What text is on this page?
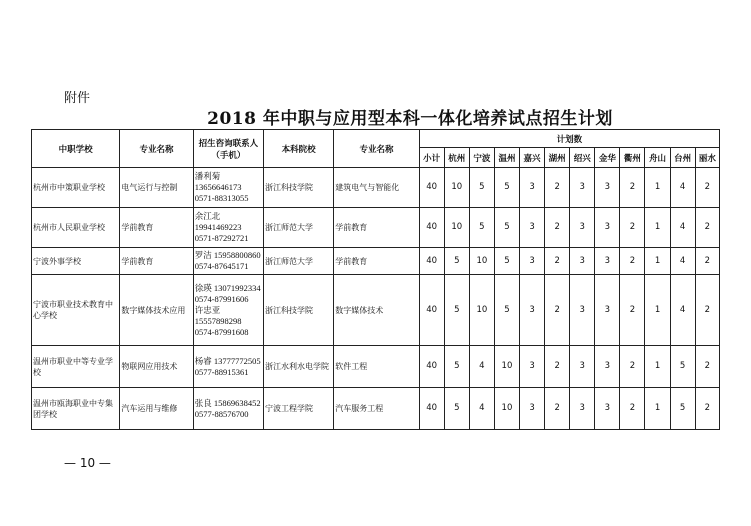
附件
2018 年中职与应用型本科一体化培养试点招生计划
中职学校	专业名称	招生咨询联系人（手机）	本科院校	专业名称	计划数											
					小计	杭州	宁波	温州	嘉兴	湖州	绍兴	金华	衢州	舟山	台州	丽水
杭州市中策职业学校	电气运行与控制	潘利菊
13656646173
0571-88313055	浙江科技学院	建筑电气与智能化	40	10	5	5	3	2	3	3	2	1	4	2
杭州市人民职业学校	学前教育	余江北
19941469223
0571-87292721	浙江师范大学	学前教育	40	10	5	5	3	2	3	3	2	1	4	2
宁波外事学校	学前教育	罗洁 15958800860
0574-87645171	浙江师范大学	学前教育	40	5	10	5	3	2	3	3	2	1	4	2
宁波市职业技术教育中心学校	数字媒体技术应用	徐瑛 13071992334
0574-87991606
许忠亚
15557898298
0574-87991608	浙江科技学院	数字媒体技术	40	5	10	5	3	2	3	3	2	1	4	2
温州市职业中等专业学校	物联网应用技术	杨睿 13777772505
0577-88915361	浙江水利水电学院	软件工程	40	5	4	10	3	2	3	3	2	1	5	2
温州市瓯海职业中专集团学校	汽车运用与维修	张良 15869638452
0577-88576700	宁波工程学院	汽车服务工程	40	5	4	10	3	2	3	3	2	1	5	2
— 10 —
